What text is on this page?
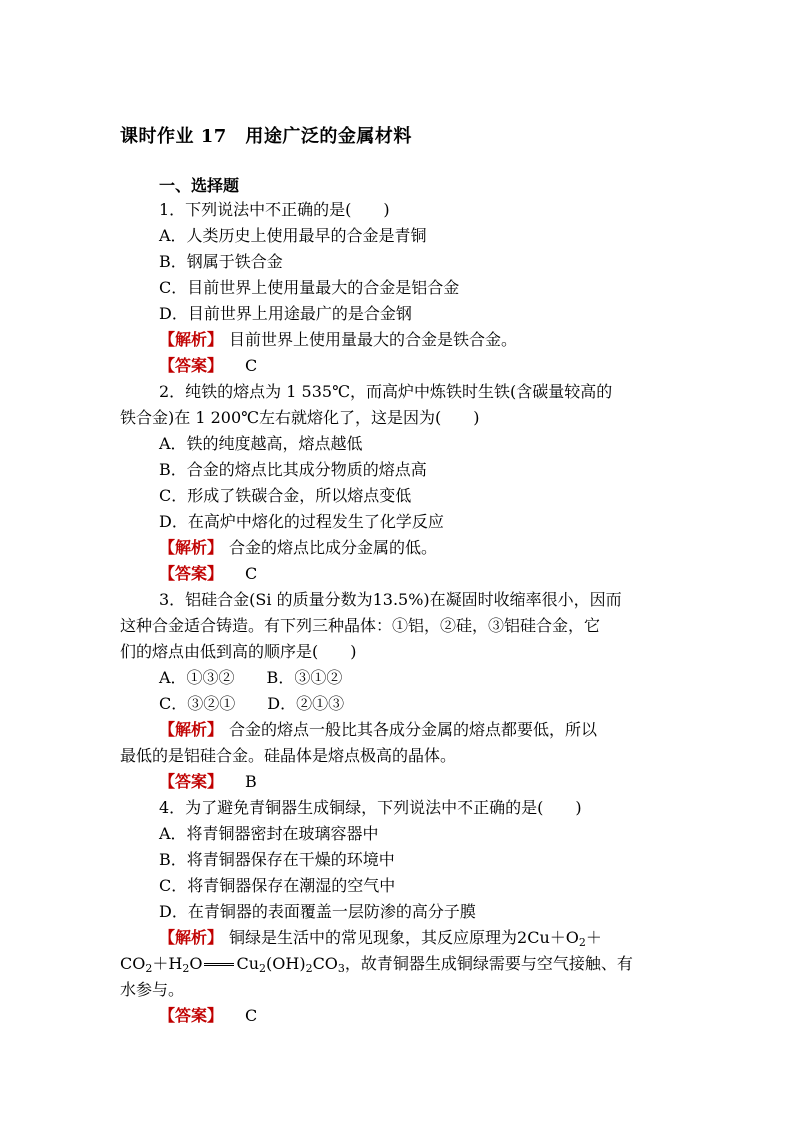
课时作业 17　用途广泛的金属材料
一、选择题
1．下列说法中不正确的是(　　)
A．人类历史上使用最早的合金是青铜
B．钢属于铁合金
C．目前世界上使用量最大的合金是铝合金
D．目前世界上用途最广的是合金钢
【解析】 目前世界上使用量最大的合金是铁合金。
【答案】 C
2．纯铁的熔点为 1 535℃，而高炉中炼铁时生铁(含碳量较高的
铁合金)在 1 200℃左右就熔化了，这是因为(　　)
A．铁的纯度越高，熔点越低
B．合金的熔点比其成分物质的熔点高
C．形成了铁碳合金，所以熔点变低
D．在高炉中熔化的过程发生了化学反应
【解析】 合金的熔点比成分金属的低。
【答案】 C
3．铝硅合金(Si 的质量分数为13.5%)在凝固时收缩率很小，因而
这种合金适合铸造。有下列三种晶体：①铝，②硅，③铝硅合金，它
们的熔点由低到高的顺序是(　　)
A．①③②　　B．③①②
C．③②①　　D．②①③
【解析】 合金的熔点一般比其各成分金属的熔点都要低，所以
最低的是铝硅合金。硅晶体是熔点极高的晶体。
【答案】 B
4．为了避免青铜器生成铜绿，下列说法中不正确的是(　　)
A．将青铜器密封在玻璃容器中
B．将青铜器保存在干燥的环境中
C．将青铜器保存在潮湿的空气中
D．在青铜器的表面覆盖一层防渗的高分子膜
【解析】 铜绿是生活中的常见现象，其反应原理为$2Cu+O_2+$
$CO_2+H_2O$ $Cu_2(OH)_2CO_3$，故青铜器生成铜绿需要与空气接触、有
水参与。
【答案】 C
